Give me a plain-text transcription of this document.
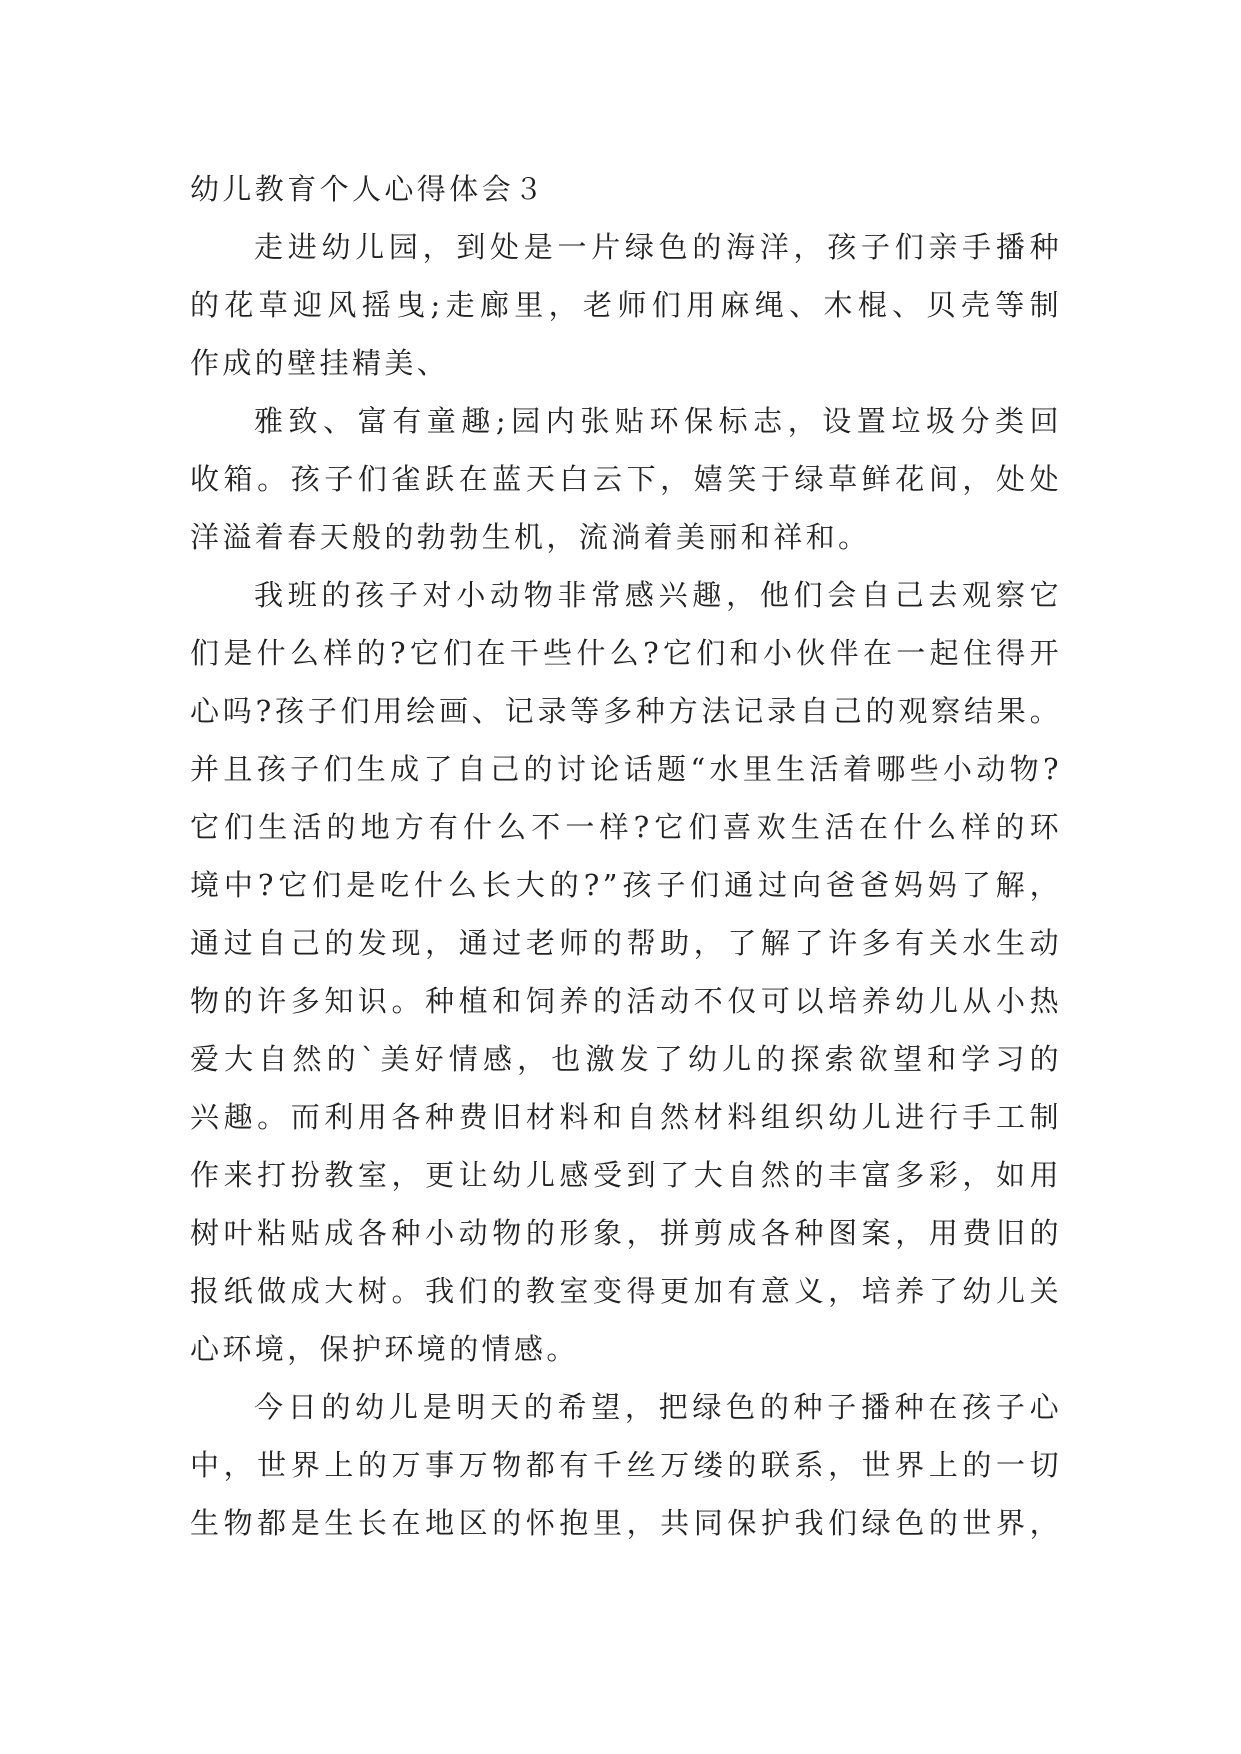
幼儿教育个人心得体会３
走进幼儿园，到处是一片绿色的海洋，孩子们亲手播种
的花草迎风摇曳;走廊里，老师们用麻绳、木棍、贝壳等制
作成的壁挂精美、
雅致、富有童趣;园内张贴环保标志，设置垃圾分类回
收箱。孩子们雀跃在蓝天白云下，嬉笑于绿草鲜花间，处处
洋溢着春天般的勃勃生机，流淌着美丽和祥和。
我班的孩子对小动物非常感兴趣，他们会自己去观察它
们是什么样的?它们在干些什么?它们和小伙伴在一起住得开
心吗?孩子们用绘画、记录等多种方法记录自己的观察结果。
并且孩子们生成了自己的讨论话题“水里生活着哪些小动物?
它们生活的地方有什么不一样?它们喜欢生活在什么样的环
境中?它们是吃什么长大的?”孩子们通过向爸爸妈妈了解，
通过自己的发现，通过老师的帮助，了解了许多有关水生动
物的许多知识。种植和饲养的活动不仅可以培养幼儿从小热
爱大自然的`美好情感，也激发了幼儿的探索欲望和学习的
兴趣。而利用各种费旧材料和自然材料组织幼儿进行手工制
作来打扮教室，更让幼儿感受到了大自然的丰富多彩，如用
树叶粘贴成各种小动物的形象，拼剪成各种图案，用费旧的
报纸做成大树。我们的教室变得更加有意义，培养了幼儿关
心环境，保护环境的情感。
今日的幼儿是明天的希望，把绿色的种子播种在孩子心
中，世界上的万事万物都有千丝万缕的联系，世界上的一切
生物都是生长在地区的怀抱里，共同保护我们绿色的世界，
